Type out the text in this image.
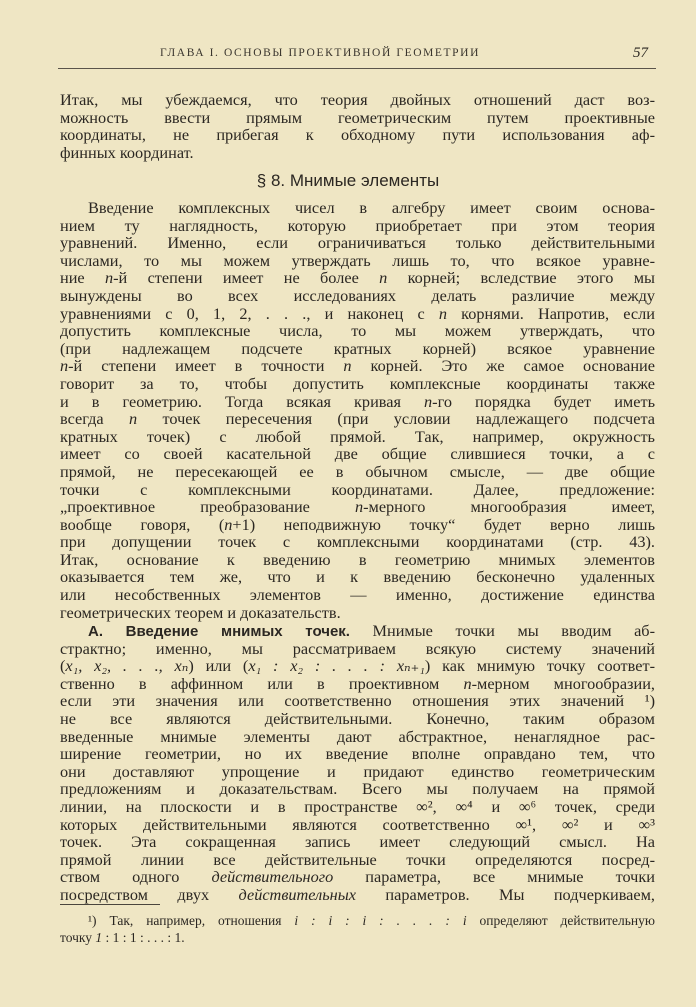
ГЛАВА I. ОСНОВЫ ПРОЕКТИВНОЙ ГЕОМЕТРИИ	57
Итак, мы убеждаемся, что теория двойных отношений даст воз-
можность ввести прямым геометрическим путем проективные
координаты, не прибегая к обходному пути использования аф-
финных координат.
§ 8. Мнимые элементы
Введение комплексных чисел в алгебру имеет своим основа-
нием ту наглядность, которую приобретает при этом теория
уравнений. Именно, если ограничиваться только действительными
числами, то мы можем утверждать лишь то, что всякое уравне-
ние n-й степени имеет не более n корней; вследствие этого мы
вынуждены во всех исследованиях делать различие между
уравнениями с 0, 1, 2, . . ., и наконец с n корнями. Напротив, если
допустить комплексные числа, то мы можем утверждать, что
(при надлежащем подсчете кратных корней) всякое уравнение
n-й степени имеет в точности n корней. Это же самое основание
говорит за то, чтобы допустить комплексные координаты также
и в геометрию. Тогда всякая кривая n-го порядка будет иметь
всегда n точек пересечения (при условии надлежащего подсчета
кратных точек) с любой прямой. Так, например, окружность
имеет со своей касательной две общие слившиеся точки, а с
прямой, не пересекающей ее в обычном смысле, — две общие
точки с комплексными координатами. Далее, предложение:
„проективное преобразование n-мерного многообразия имеет,
вообще говоря, (n+1) неподвижную точку“ будет верно лишь
при допущении точек с комплексными координатами (стр. 43).
Итак, основание к введению в геометрию мнимых элементов
оказывается тем же, что и к введению бесконечно удаленных
или несобственных элементов — именно, достижение единства
геометрических теорем и доказательств.
А. Введение мнимых точек. Мнимые точки мы вводим аб-
страктно; именно, мы рассматриваем всякую систему значений
(x₁, x₂, . . ., xₙ) или (x₁ : x₂ : . . . : xₙ₊₁) как мнимую точку соответ-
ственно в аффинном или в проективном n-мерном многообразии,
если эти значения или соответственно отношения этих значений ¹)
не все являются действительными. Конечно, таким образом
введенные мнимые элементы дают абстрактное, ненаглядное рас-
ширение геометрии, но их введение вполне оправдано тем, что
они доставляют упрощение и придают единство геометрическим
предложениям и доказательствам. Всего мы получаем на прямой
линии, на плоскости и в пространстве ∞², ∞⁴ и ∞⁶ точек, среди
которых действительными являются соответственно ∞¹, ∞² и ∞³
точек. Эта сокращенная запись имеет следующий смысл. На
прямой линии все действительные точки определяются посред-
ством одного действительного параметра, все мнимые точки
посредством двух действительных параметров. Мы подчеркиваем,
¹) Так, например, отношения i : i : i : . . . : i определяют действительную
точку 1 : 1 : 1 : . . . : 1.
